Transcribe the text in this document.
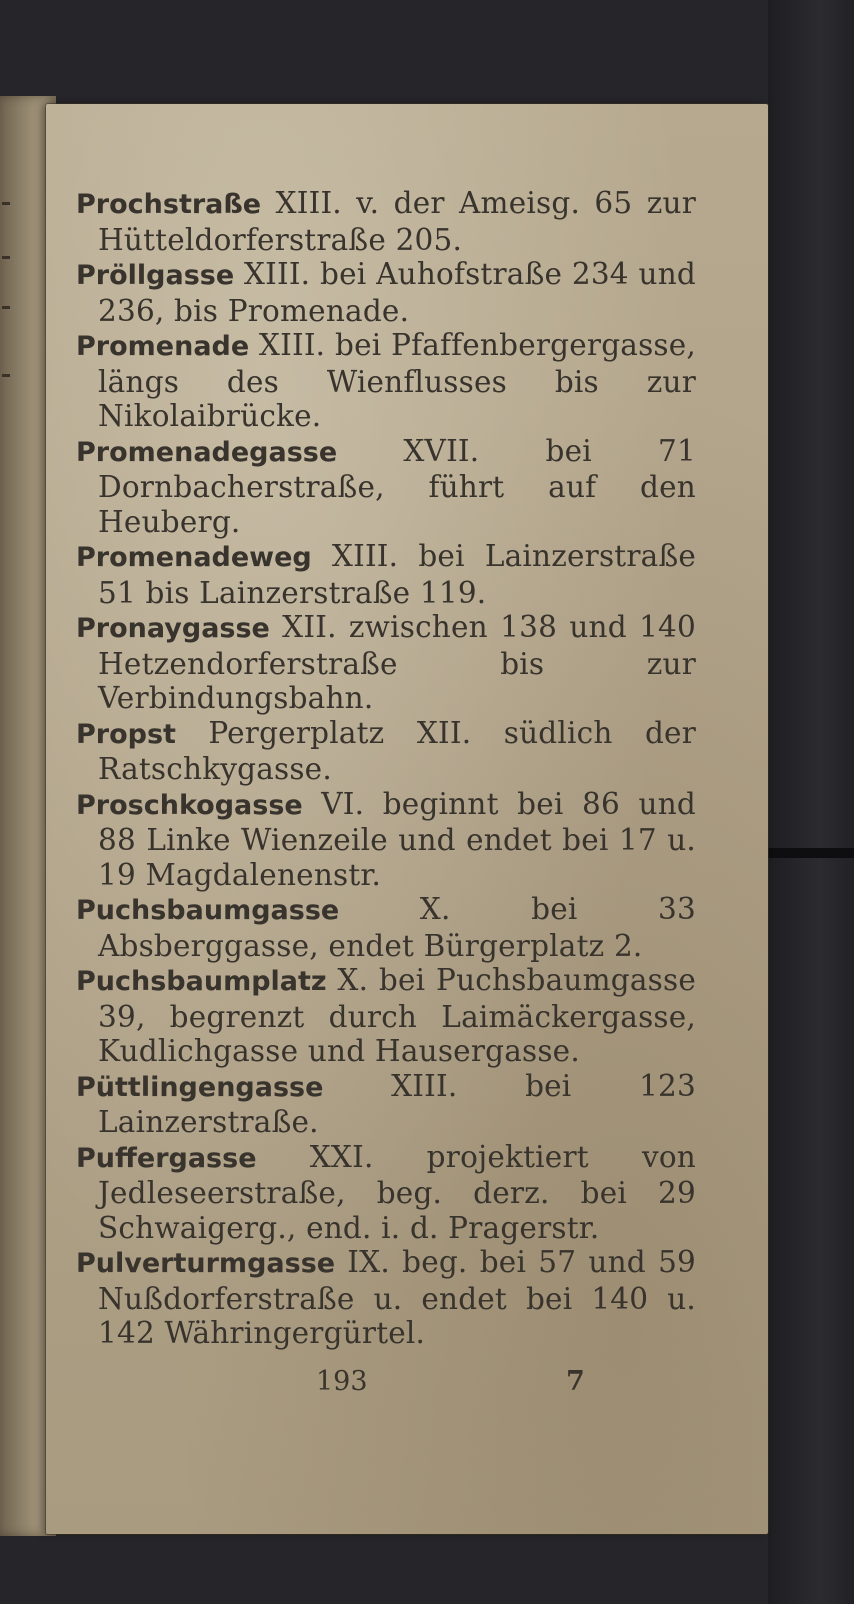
Prochstraße XIII. v. der Ameisg. 65 zur Hütteldorferstraße 205.
Pröllgasse XIII. bei Auhofstraße 234 und 236, bis Promenade.
Promenade XIII. bei Pfaffenbergergasse, längs des Wienflusses bis zur Nikolaibrücke.
Promenadegasse XVII. bei 71 Dornbacherstraße, führt auf den Heuberg.
Promenadeweg XIII. bei Lainzerstraße 51 bis Lainzerstraße 119.
Pronaygasse XII. zwischen 138 und 140 Hetzendorferstraße bis zur Verbindungsbahn.
Propst Pergerplatz XII. südlich der Ratschkygasse.
Proschkogasse VI. beginnt bei 86 und 88 Linke Wienzeile und endet bei 17 u. 19 Magdalenenstr.
Puchsbaumgasse	X. bei 33 Absberggasse, endet Bürgerplatz 2.
Puchsbaumplatz X. bei Puchsbaumgasse 39, begrenzt durch Laimäckergasse, Kudlichgasse und Hausergasse.
Püttlingengasse XIII. bei 123 Lainzerstraße.
Puffergasse XXI. projektiert von Jedleseerstraße, beg. derz. bei 29 Schwaigerg., end. i. d. Pragerstr.
Pulverturmgasse IX. beg. bei 57 und 59 Nußdorferstraße u. endet bei 140 u. 142 Währingergürtel.
193	7
